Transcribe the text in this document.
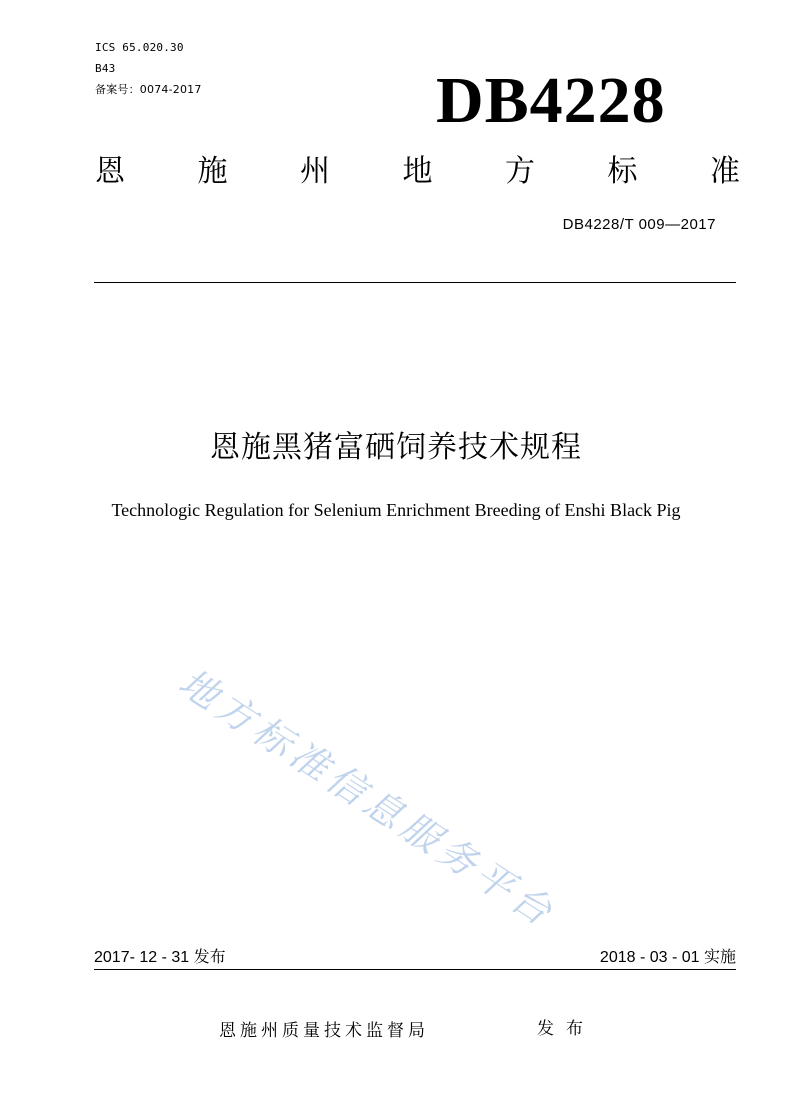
ICS 65.020.30
B43
备案号：0074-2017	DB4228
恩 施 州 地 方 标 准
DB4228/T 009—2017
恩施黑猪富硒饲养技术规程
Technologic Regulation for Selenium Enrichment Breeding of Enshi Black Pig
地方标准信息服务平台
2017- 12 - 31 发布	2018 - 03 - 01 实施
恩施州质量技术监督局	发布
